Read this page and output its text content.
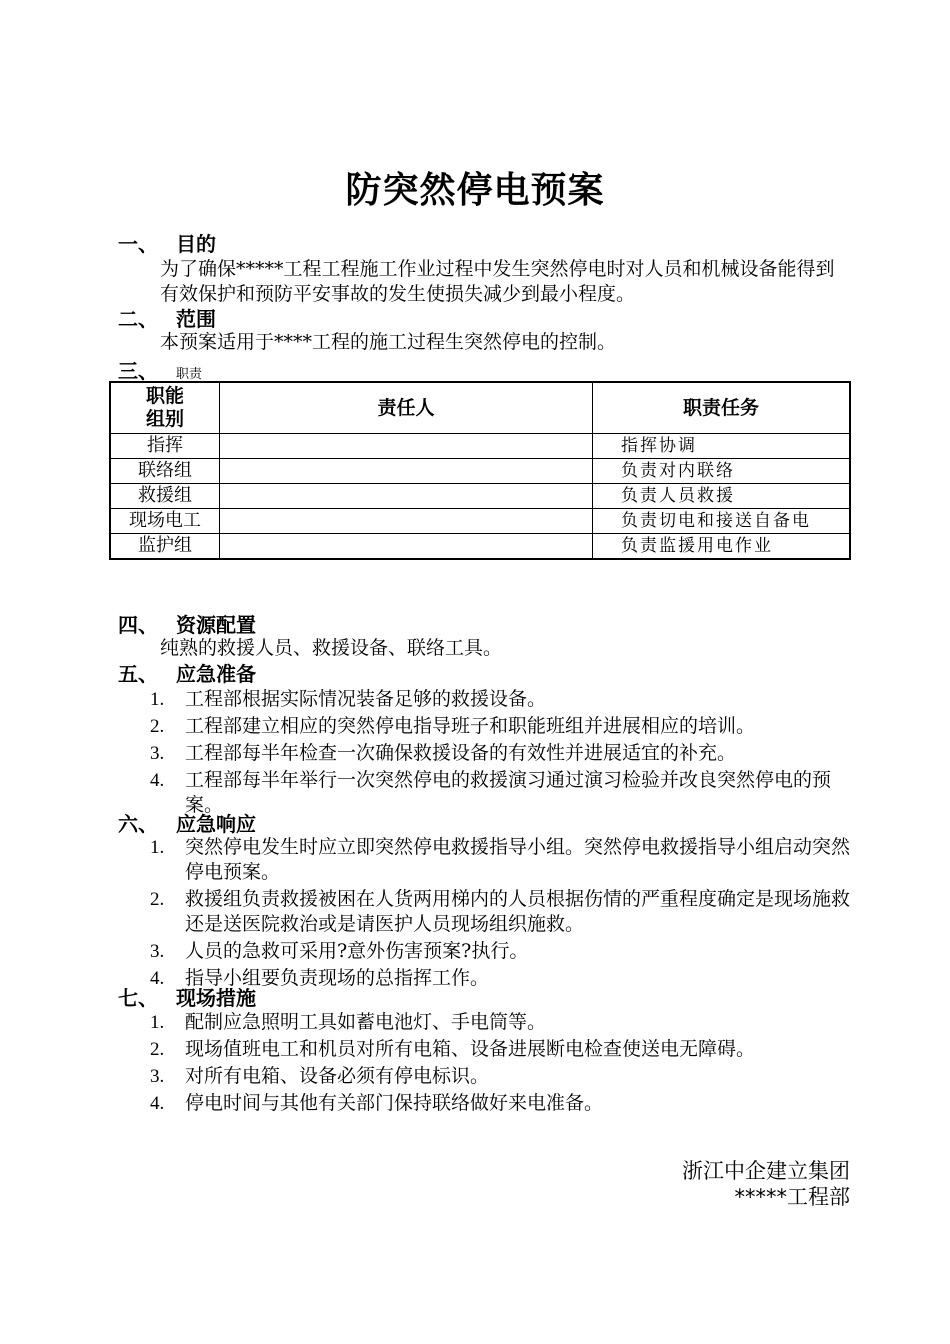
防突然停电预案
一、 目的
为了确保*****工程工程施工作业过程中发生突然停电时对人员和机械设备能得到有效保护和预防平安事故的发生使损失减少到最小程度。
二、 范围
本预案适用于****工程的施工过程生突然停电的控制。
三、 职责
职能
组别	责任人	职责任务
指挥		指挥协调
联络组		负责对内联络
救援组		负责人员救援
现场电工		负责切电和接送自备电
监护组		负责监援用电作业
四、 资源配置
纯熟的救援人员、救援设备、联络工具。
五、 应急准备
1.	工程部根据实际情况装备足够的救援设备。
2.	工程部建立相应的突然停电指导班子和职能班组并进展相应的培训。
3.	工程部每半年检查一次确保救援设备的有效性并进展适宜的补充。
4.	工程部每半年举行一次突然停电的救援演习通过演习检验并改良突然停电的预案。
六、 应急响应
1.	突然停电发生时应立即突然停电救援指导小组。突然停电救援指导小组启动突然停电预案。
2.	救援组负责救援被困在人货两用梯内的人员根据伤情的严重程度确定是现场施救还是送医院救治或是请医护人员现场组织施救。
3.	人员的急救可采用?意外伤害预案?执行。
4.	指导小组要负责现场的总指挥工作。
七、 现场措施
1.	配制应急照明工具如蓄电池灯、手电筒等。
2.	现场值班电工和机员对所有电箱、设备进展断电检查使送电无障碍。
3.	对所有电箱、设备必须有停电标识。
4.	停电时间与其他有关部门保持联络做好来电准备。
浙江中企建立集团
*****工程部
